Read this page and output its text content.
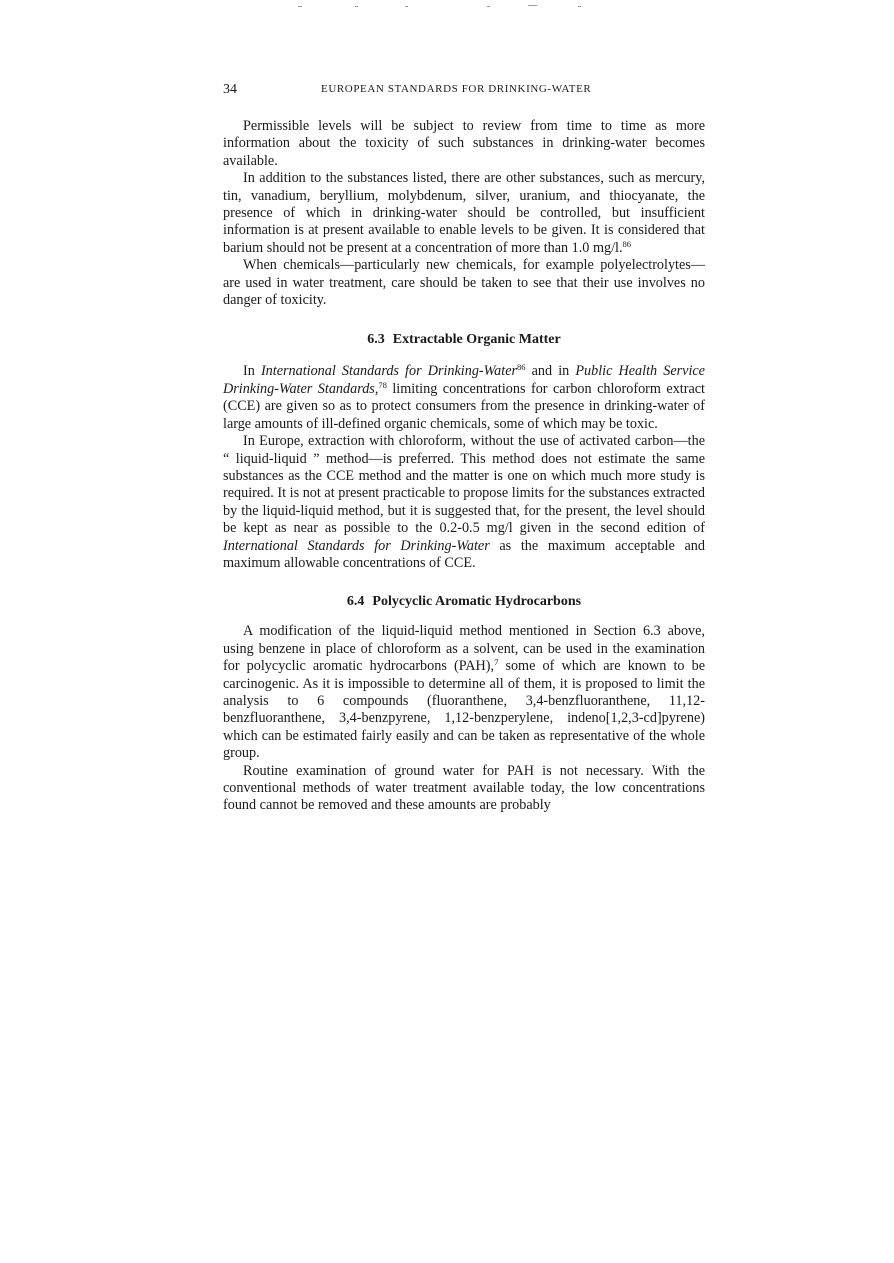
34	EUROPEAN STANDARDS FOR DRINKING-WATER

Permissible levels will be subject to review from time to time as more information about the toxicity of such substances in drinking-water becomes available.

In addition to the substances listed, there are other substances, such as mercury, tin, vanadium, beryllium, molybdenum, silver, uranium, and thiocyanate, the presence of which in drinking-water should be controlled, but insufficient information is at present available to enable levels to be given. It is considered that barium should not be present at a concentration of more than 1.0 mg/l.$^{86}$

When chemicals—particularly new chemicals, for example polyelectrolytes—are used in water treatment, care should be taken to see that their use involves no danger of toxicity.

6.3 Extractable Organic Matter

In International Standards for Drinking-Water$^{86}$ and in Public Health Service Drinking-Water Standards,$^{78}$ limiting concentrations for carbon chloroform extract (CCE) are given so as to protect consumers from the presence in drinking-water of large amounts of ill-defined organic chemicals, some of which may be toxic.

In Europe, extraction with chloroform, without the use of activated carbon—the “ liquid-liquid ” method—is preferred. This method does not estimate the same substances as the CCE method and the matter is one on which much more study is required. It is not at present practicable to propose limits for the substances extracted by the liquid-liquid method, but it is suggested that, for the present, the level should be kept as near as possible to the 0.2-0.5 mg/l given in the second edition of International Standards for Drinking-Water as the maximum acceptable and maximum allowable concentrations of CCE.

6.4 Polycyclic Aromatic Hydrocarbons

A modification of the liquid-liquid method mentioned in Section 6.3 above, using benzene in place of chloroform as a solvent, can be used in the examination for polycyclic aromatic hydrocarbons (PAH),$^7$ some of which are known to be carcinogenic. As it is impossible to determine all of them, it is proposed to limit the analysis to 6 compounds (fluoranthene, 3,4-benzfluoranthene, 11,12-benzfluoranthene, 3,4-benzpyrene, 1,12-benzperylene, indeno[1,2,3-cd]pyrene) which can be estimated fairly easily and can be taken as representative of the whole group.

Routine examination of ground water for PAH is not necessary. With the conventional methods of water treatment available today, the low concentrations found cannot be removed and these amounts are probably
